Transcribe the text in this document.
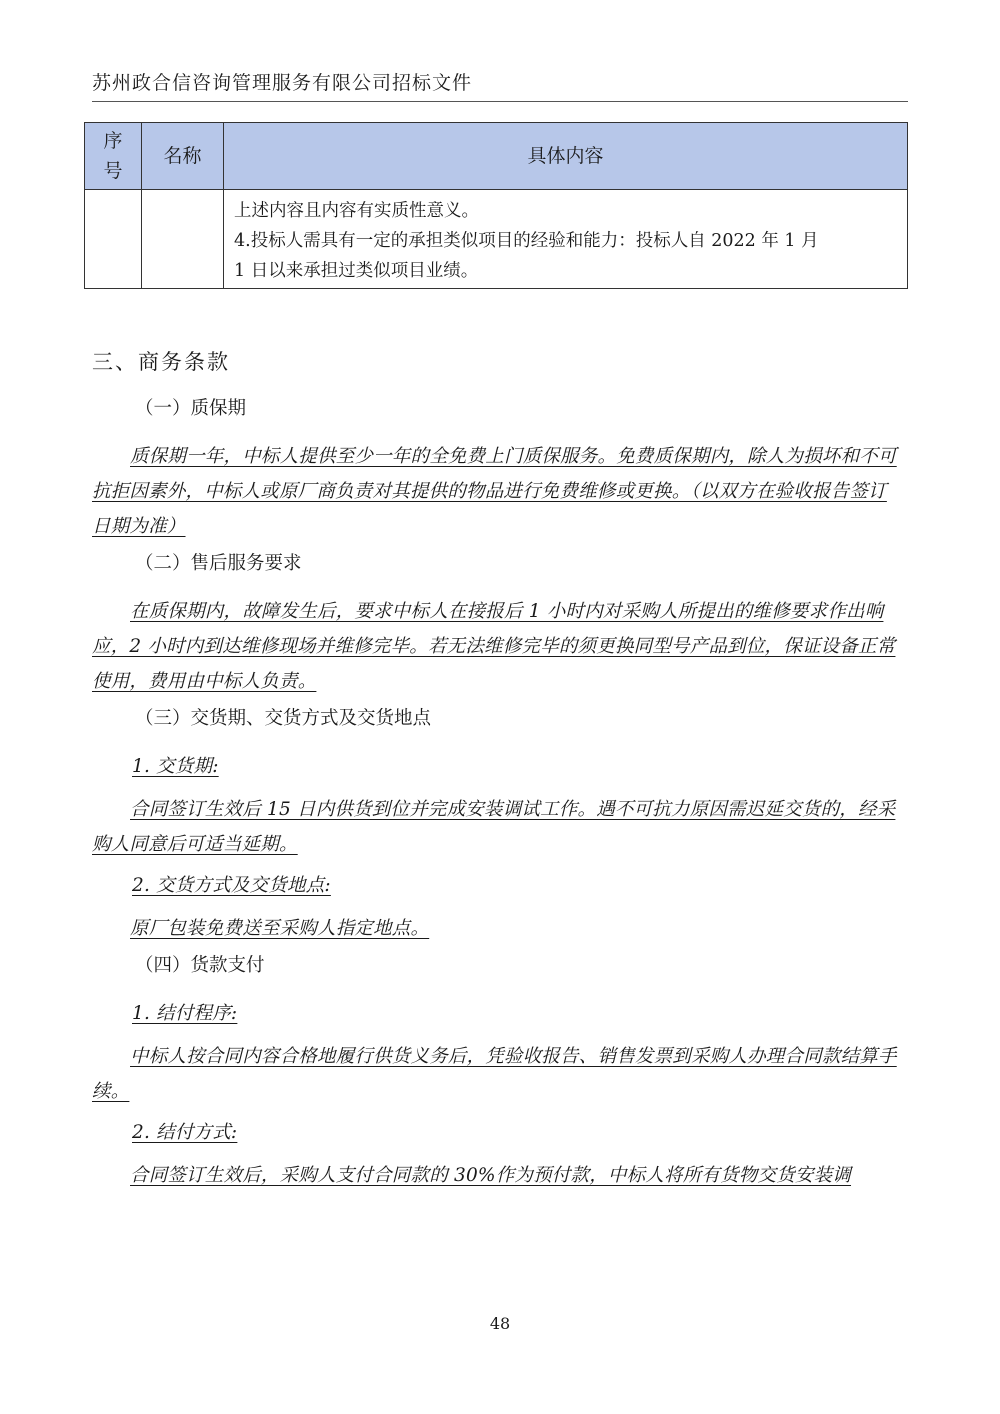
苏州政合信咨询管理服务有限公司招标文件
序号	名称	具体内容

		上述内容且内容有实质性意义。

4.投标人需具有一定的承担类似项目的经验和能力：投标人自 2022 年 1 月

1 日以来承担过类似项目业绩。

三、商务条款

（一）质保期

质保期一年，中标人提供至少一年的全免费上门质保服务。免费质保期内，除人为损坏和不可抗拒因素外，中标人或原厂商负责对其提供的物品进行免费维修或更换。（以双方在验收报告签订日期为准）

（二）售后服务要求

在质保期内，故障发生后，要求中标人在接报后 1 小时内对采购人所提出的维修要求作出响应，2 小时内到达维修现场并维修完毕。若无法维修完毕的须更换同型号产品到位，保证设备正常使用，费用由中标人负责。

（三）交货期、交货方式及交货地点

1. 交货期:

合同签订生效后 15 日内供货到位并完成安装调试工作。遇不可抗力原因需迟延交货的，经采购人同意后可适当延期。

2. 交货方式及交货地点:

原厂包装免费送至采购人指定地点。

（四）货款支付

1. 结付程序:

中标人按合同内容合格地履行供货义务后，凭验收报告、销售发票到采购人办理合同款结算手续。

2. 结付方式:

合同签订生效后，采购人支付合同款的 30%作为预付款，中标人将所有货物交货安装调

48
